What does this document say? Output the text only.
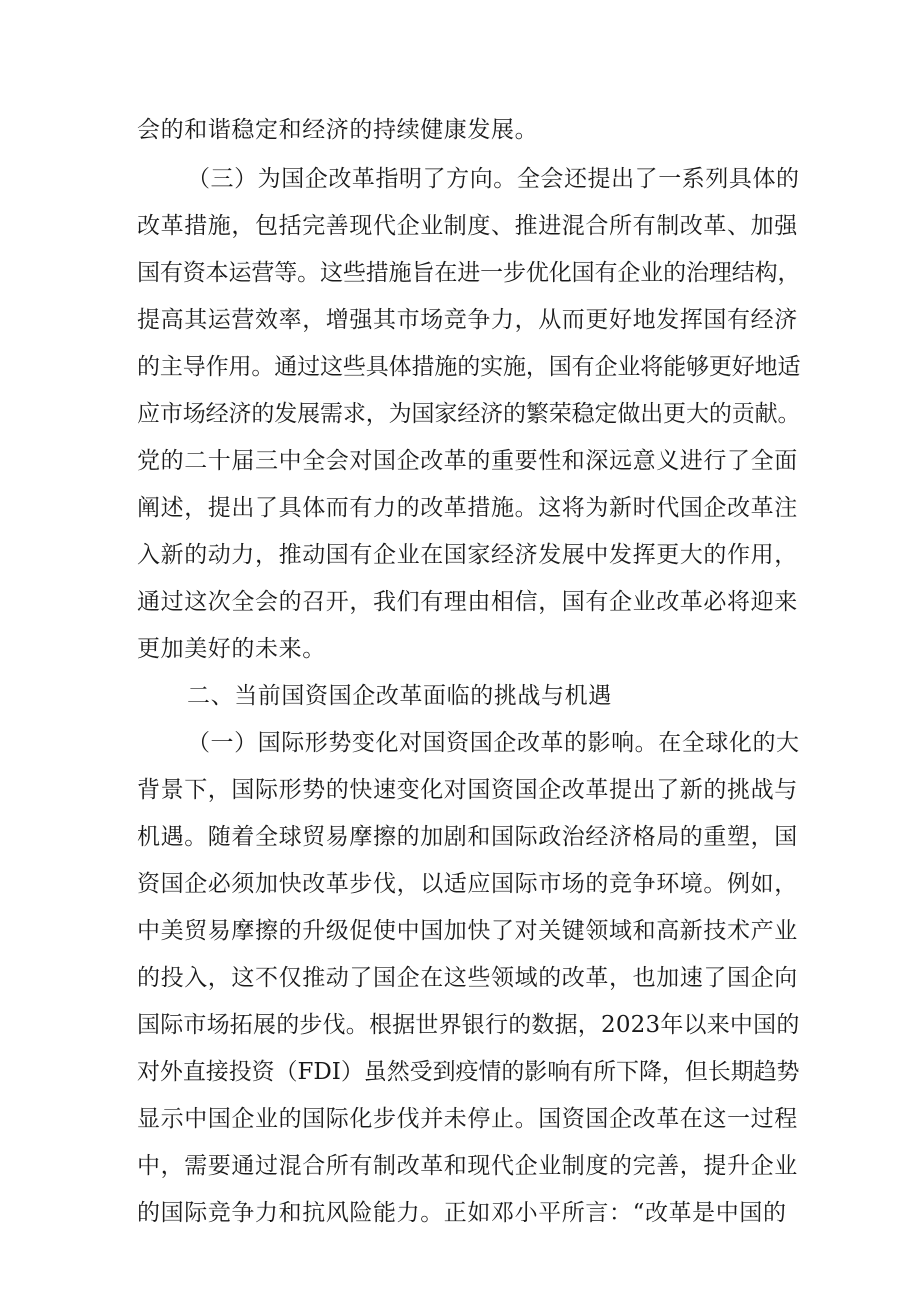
会的和谐稳定和经济的持续健康发展。
（三）为国企改革指明了方向。全会还提出了一系列具体的
改革措施，包括完善现代企业制度、推进混合所有制改革、加强
国有资本运营等。这些措施旨在进一步优化国有企业的治理结构，
提高其运营效率，增强其市场竞争力，从而更好地发挥国有经济
的主导作用。通过这些具体措施的实施，国有企业将能够更好地适
应市场经济的发展需求，为国家经济的繁荣稳定做出更大的贡献。
党的二十届三中全会对国企改革的重要性和深远意义进行了全面
阐述，提出了具体而有力的改革措施。这将为新时代国企改革注
入新的动力，推动国有企业在国家经济发展中发挥更大的作用，
通过这次全会的召开，我们有理由相信，国有企业改革必将迎来
更加美好的未来。
二、当前国资国企改革面临的挑战与机遇
（一）国际形势变化对国资国企改革的影响。在全球化的大
背景下，国际形势的快速变化对国资国企改革提出了新的挑战与
机遇。随着全球贸易摩擦的加剧和国际政治经济格局的重塑，国
资国企必须加快改革步伐，以适应国际市场的竞争环境。例如，
中美贸易摩擦的升级促使中国加快了对关键领域和高新技术产业
的投入，这不仅推动了国企在这些领域的改革，也加速了国企向
国际市场拓展的步伐。根据世界银行的数据，2023年以来中国的
对外直接投资（FDI）虽然受到疫情的影响有所下降，但长期趋势
显示中国企业的国际化步伐并未停止。国资国企改革在这一过程
中，需要通过混合所有制改革和现代企业制度的完善，提升企业
的国际竞争力和抗风险能力。正如邓小平所言：“改革是中国的
